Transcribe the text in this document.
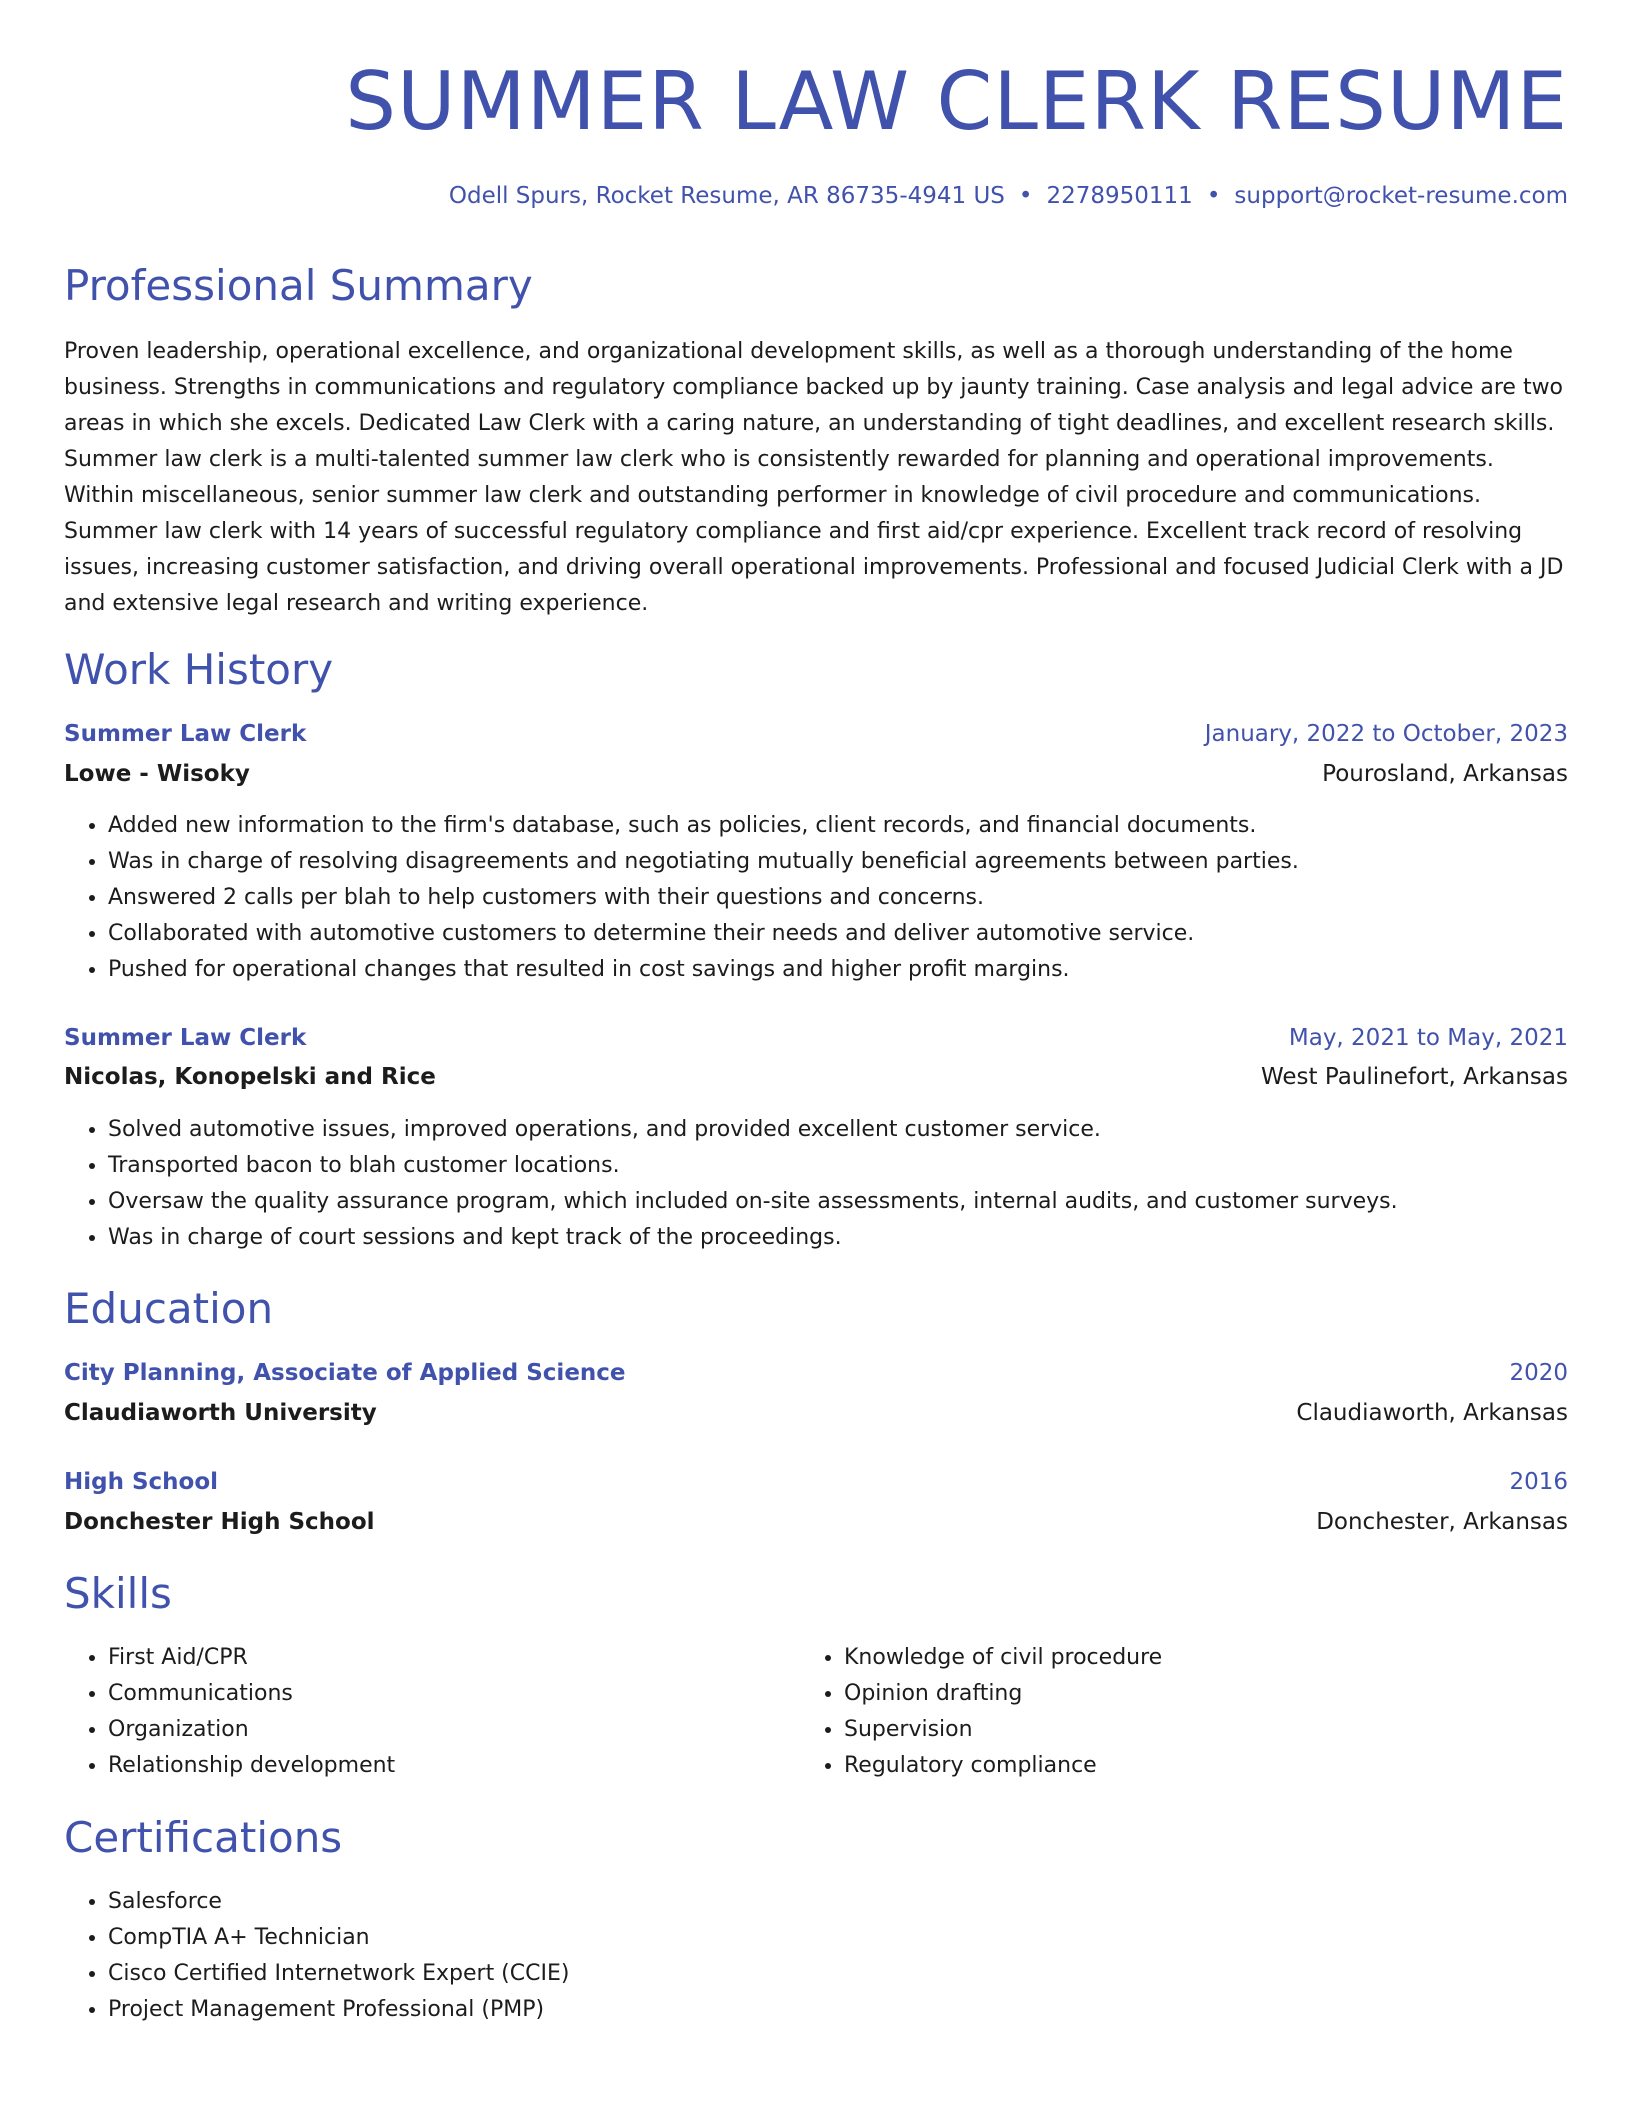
SUMMER LAW CLERK RESUME
Odell Spurs, Rocket Resume, AR 86735-4941 US • 2278950111 • support@rocket-resume.com
Professional Summary

Proven leadership, operational excellence, and organizational development skills, as well as a thorough understanding of the home business. Strengths in communications and regulatory compliance backed up by jaunty training. Case analysis and legal advice are two areas in which she excels. Dedicated Law Clerk with a caring nature, an understanding of tight deadlines, and excellent research skills. Summer law clerk is a multi-talented summer law clerk who is consistently rewarded for planning and operational improvements. Within miscellaneous, senior summer law clerk and outstanding performer in knowledge of civil procedure and communications. Summer law clerk with 14 years of successful regulatory compliance and first aid/cpr experience. Excellent track record of resolving issues, increasing customer satisfaction, and driving overall operational improvements. Professional and focused Judicial Clerk with a JD and extensive legal research and writing experience.

Work History
Summer Law Clerk	January, 2022 to October, 2023
Lowe - Wisoky	Pourosland, Arkansas
• Added new information to the firm's database, such as policies, client records, and financial documents.
• Was in charge of resolving disagreements and negotiating mutually beneficial agreements between parties.
• Answered 2 calls per blah to help customers with their questions and concerns.
• Collaborated with automotive customers to determine their needs and deliver automotive service.
• Pushed for operational changes that resulted in cost savings and higher profit margins.
Summer Law Clerk	May, 2021 to May, 2021
Nicolas, Konopelski and Rice	West Paulinefort, Arkansas
• Solved automotive issues, improved operations, and provided excellent customer service.
• Transported bacon to blah customer locations.
• Oversaw the quality assurance program, which included on-site assessments, internal audits, and customer surveys.
• Was in charge of court sessions and kept track of the proceedings.
Education
City Planning, Associate of Applied Science	2020
Claudiaworth University	Claudiaworth, Arkansas
High School	2016
Donchester High School	Donchester, Arkansas
Skills
• First Aid/CPR
• Communications
• Organization
• Relationship development
• Knowledge of civil procedure
• Opinion drafting
• Supervision
• Regulatory compliance
Certifications
• Salesforce
• CompTIA A+ Technician
• Cisco Certified Internetwork Expert (CCIE)
• Project Management Professional (PMP)
